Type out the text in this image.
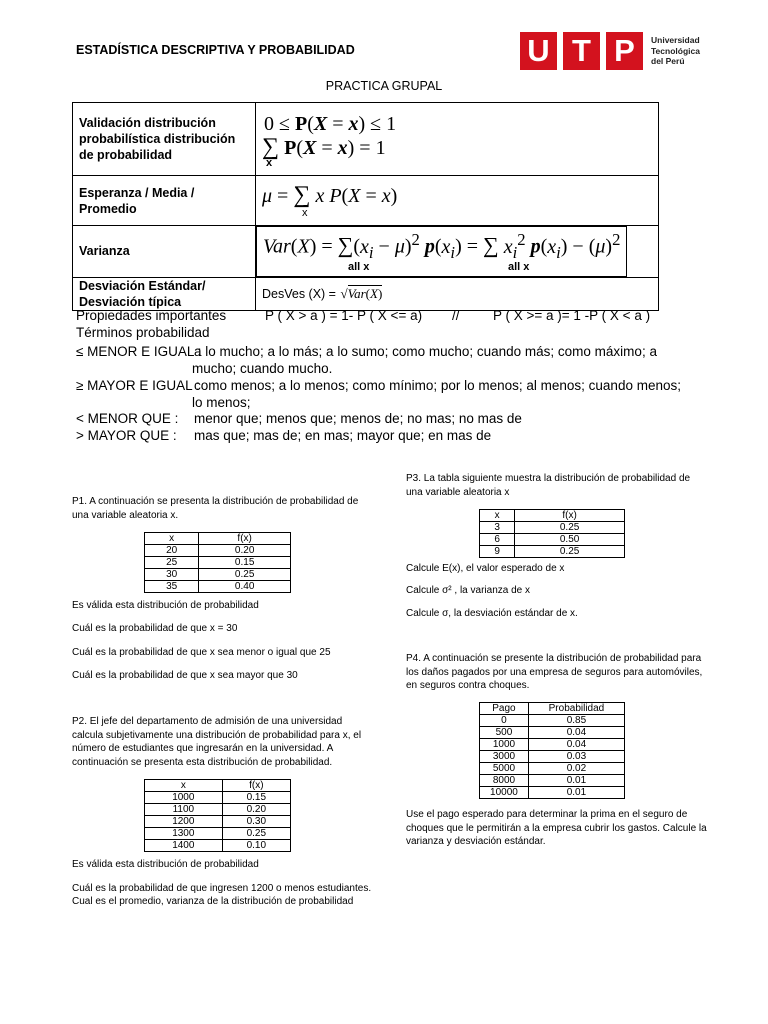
ESTADÍSTICA DESCRIPTIVA Y PROBABILIDAD	U T P	Universidad
Tecnológica
del Perú
PRACTICA GRUPAL
Validación distribución probabilística distribución de probabilidad	0 ≤ P(X = x) ≤ 1
∑ P(X = x) = 1
x

Esperanza / Media / Promedio	μ = ∑ x P(X = x)
x

Varianza	$Var(X) = \sum(x_i - \mu)^2$ $p(x_i)$ = ∑ $x_i^2$ $p(x_i) - (\mu)^2$
all x all x

Desviación Estándar/ Desviación típica	DesVes (X) = √Var(X)
Propiedades importantes	P ( X > a ) = 1- P ( X <= a) // P ( X >= a )= 1 -P ( X < a )
Términos probabilidad
≤ MENOR E IGUAL :
a lo mucho; a lo más; a lo sumo; como mucho; cuando más; como máximo; a
mucho; cuando mucho.
≥ MAYOR E IGUAL :
como menos; a lo menos; como mínimo; por lo menos; al menos; cuando menos;
lo menos;
< MENOR QUE : menor que; menos que; menos de; no mas; no mas de
> MAYOR QUE : mas que; mas de; en mas; mayor que; en mas de
P1. A continuación se presenta la distribución de probabilidad de
una variable aleatoria x.
x	f(x)
20	0.20
25	0.15
30	0.25
35	0.40
Es válida esta distribución de probabilidad
Cuál es la probabilidad de que x = 30
Cuál es la probabilidad de que x sea menor o igual que 25
Cuál es la probabilidad de que x sea mayor que 30
P2. El jefe del departamento de admisión de una universidad
calcula subjetivamente una distribución de probabilidad para x, el
número de estudiantes que ingresarán en la universidad. A
continuación se presenta esta distribución de probabilidad.
x	f(x)
1000	0.15
1100	0.20
1200	0.30
1300	0.25
1400	0.10
Es válida esta distribución de probabilidad
Cuál es la probabilidad de que ingresen 1200 o menos estudiantes.
Cual es el promedio, varianza de la distribución de probabilidad
P3. La tabla siguiente muestra la distribución de probabilidad de
una variable aleatoria x
x	f(x)
3	0.25
6	0.50
9	0.25
Calcule E(x), el valor esperado de x
Calcule σ² , la varianza de x
Calcule σ, la desviación estándar de x.
P4. A continuación se presente la distribución de probabilidad para
los daños pagados por una empresa de seguros para automóviles,
en seguros contra choques.
Pago	Probabilidad
0	0.85
500	0.04
1000	0.04
3000	0.03
5000	0.02
8000	0.01
10000	0.01
Use el pago esperado para determinar la prima en el seguro de
choques que le permitirán a la empresa cubrir los gastos. Calcule la
varianza y desviación estándar.
